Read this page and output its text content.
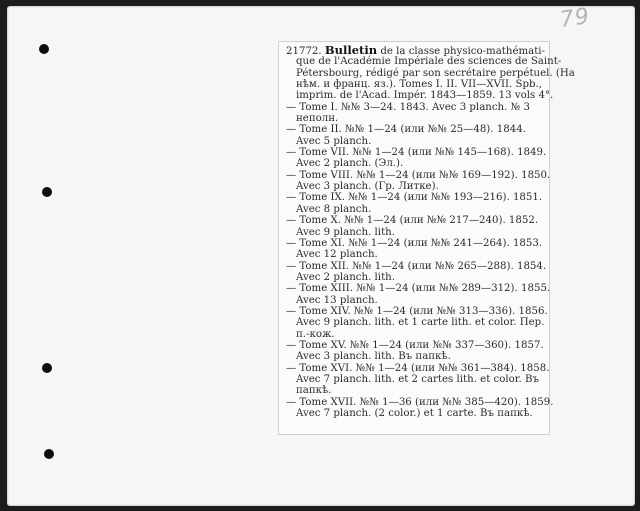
79
21772. Bulletin de la classe physico-mathémati-
que de l'Académie Impériale des sciences de Saint-
Pétersbourg, rédigé par son secrétaire perpétuel. (На
нѣм. и франц. яз.). Tomes I. II. VII—XVII. Spb.,
imprim. de l'Acad. Impér. 1843—1859. 13 vols 4°.
— Tome I. №№ 3—24. 1843. Avec 3 planch. № 3
неполн.
— Tome II. №№ 1—24 (или №№ 25—48). 1844.
Avec 5 planch.
— Tome VII. №№ 1—24 (или №№ 145—168). 1849.
Avec 2 planch. (Эл.).
— Tome VIII. №№ 1—24 (или №№ 169—192). 1850.
Avec 3 planch. (Гр. Литке).
— Tome IX. №№ 1—24 (или №№ 193—216). 1851.
Avec 8 planch.
— Tome X. №№ 1—24 (или №№ 217—240). 1852.
Avec 9 planch. lith.
— Tome XI. №№ 1—24 (или №№ 241—264). 1853.
Avec 12 planch.
— Tome XII. №№ 1—24 (или №№ 265—288). 1854.
Avec 2 planch. lith.
— Tome XIII. №№ 1—24 (или №№ 289—312). 1855.
Avec 13 planch.
— Tome XIV. №№ 1—24 (или №№ 313—336). 1856.
Avec 9 planch. lith. et 1 carte lith. et color. Пер.
п.-кож.
— Tome XV. №№ 1—24 (или №№ 337—360). 1857.
Avec 3 planch. lith. Въ папкѣ.
— Tome XVI. №№ 1—24 (или №№ 361—384). 1858.
Avec 7 planch. lith. et 2 cartes lith. et color. Въ
папкѣ.
— Tome XVII. №№ 1—36 (или №№ 385—420). 1859.
Avec 7 planch. (2 color.) et 1 carte. Въ папкѣ.
